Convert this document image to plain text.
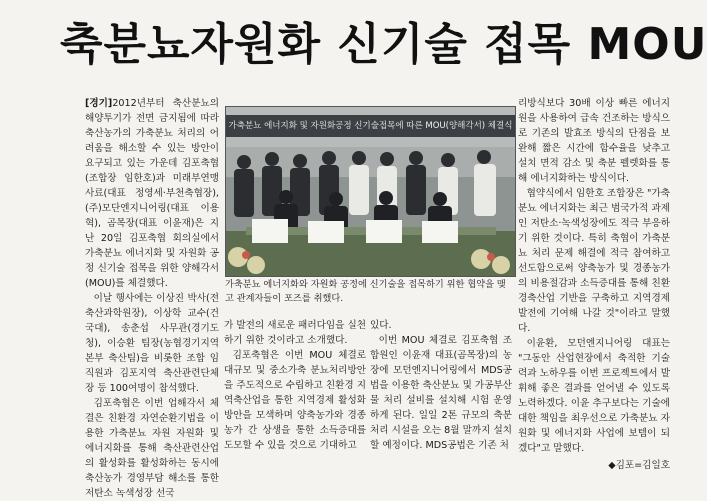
축분뇨자원화 신기술 접목 MOU

[경기]2012년부터 축산분뇨의 해양투기가 전면 금지됨에 따라 축산농가의 가축분뇨 처리의 어려움을 해소할 수 있는 방안이 요구되고 있는 가운데 김포축협(조합장 임한호)과 미래부연맹사료(대표 정영세·부천축협장), (주)모단엔지니어링(대표 이용혁), 곰목장(대표 이윤재)은 지난 20일 김포축협 회의실에서 가축분뇨 에너지화 및 자원화 공정 신기술 접목을 위한 양해각서(MOU)를 체결했다.

이날 행사에는 이상진 박사(전 축산과학원장), 이상학 교수(건국대), 송춘섭 사무관(경기도청), 이승환 팀장(농협경기지역본부 축산팀)을 비롯한 조합 임직원과 김포지역 축산관련단체장 등 100여명이 참석했다.

김포축협은 이번 업해각서 체결은 친환경 자연순환기법을 이용한 가축분뇨 자원 자원화 및 에너지화를 통해 축산관련산업의 활성화를 활성화하는 동시에 축산농가 경영부담 해소를 통한 저탄소 녹색성장 선국

가축분뇨 에너지화 및 자원화공정 신기술접목에 따른 MOU(양해각서) 체결식
가축분뇨 에너지화와 자원화 공정에 신기술을 접목하기 위한 협약을 맺고 관계자들이 포즈를 취했다.

가 발전의 새로운 패러다임을 실천하기 위한 것이라고 소개했다.

김포축협은 이번 MOU 체결로 대규모 및 중소가축 분뇨처리방안을 주도적으로 수립하고 친환경 지역축산업을 통한 지역경제 활성화 방안을 모색하며 양축농가와 경종농가 간 상생을 통한 소득증대를 도모할 수 있을 것으로 기대하고

있다.

이번 MOU 체결로 김포축협 조합원인 이윤재 대표(곰목장)의 농장에 모던엔지니어링에서 MDS공법을 이용한 축산분뇨 및 가공부산물 처리 설비를 설치해 시험 운영하게 된다. 일일 2톤 규모의 축분처리 시설을 오는 8월 말까지 설치할 예정이다. MDS공법은 기존 처

리방식보다 30배 이상 빠른 에너지원을 사용하여 급속 건조하는 방식으로 기존의 발효조 방식의 단점을 보완해 짧은 시간에 함수율을 낮추고 설치 면적 감소 및 축분 펠렛화를 통해 에너지화하는 방식이다.

협약식에서 임한호 조합장은 "가축분뇨 에너지화는 최근 범국가적 과제인 저탄소·녹색성장에도 적극 부응하기 위한 것이다. 특히 축협이 가축분뇨 처리 문제 해결에 적극 참여하고 선도함으로써 양축농가 및 경종농가의 비용절감과 소득증대를 통해 친환경축산업 기반을 구축하고 지역경제발전에 기여해 나갈 것"이라고 말했다.

이윤환, 모던엔지니어링 대표는 "그동안 산업현장에서 축적한 기술력과 노하우를 이번 프로젝트에서 발휘해 좋은 결과를 얻어낼 수 있도록 노력하겠다. 이윤 추구보다는 기술에 대한 책임을 최우선으로 가축분뇨 자원화 및 에너지화 사업에 보템이 되겠다"고 말했다.

◆김포=김일호
